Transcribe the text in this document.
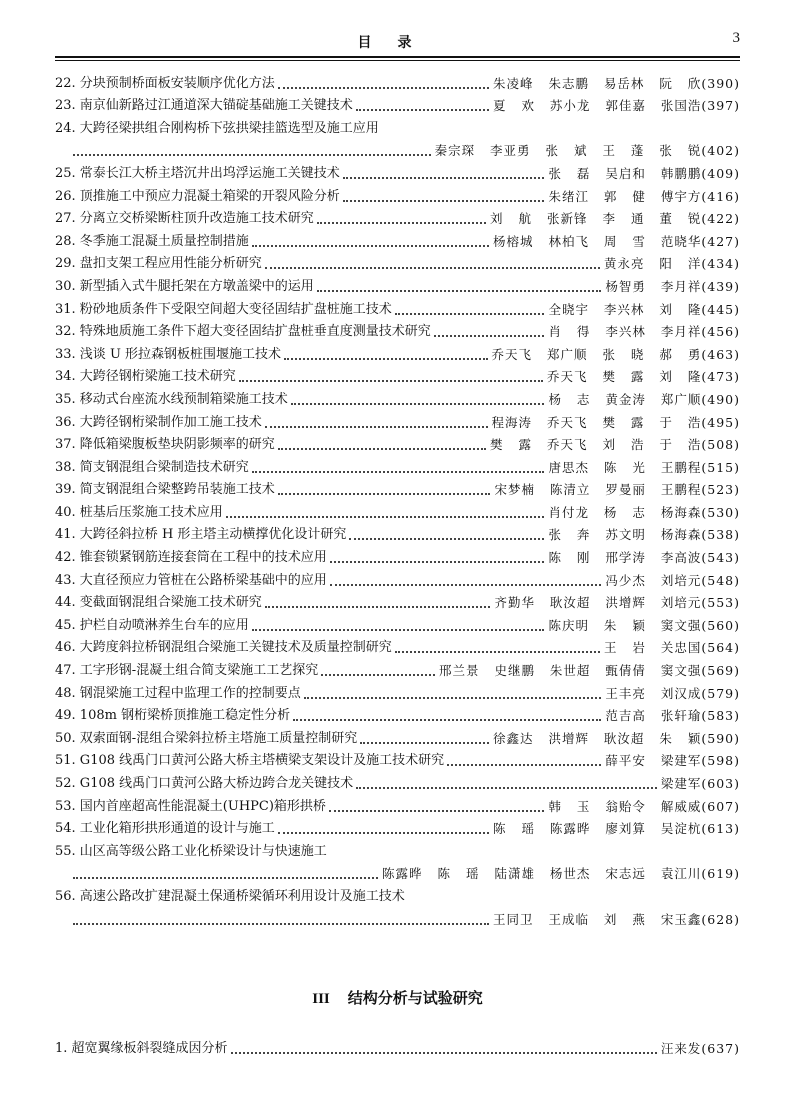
目录	3
22. 分块预制桥面板安装顺序优化方法	朱凌峰 朱志鹏 易岳林 阮 欣(390)
23. 南京仙新路过江通道深大锚碇基础施工关键技术	夏 欢 苏小龙 郭佳嘉 张国浩(397)
24. 大跨径梁拱组合刚构桥下弦拱梁挂篮选型及施工应用
秦宗琛 李亚勇 张 斌 王 蓬 张 锐(402)
25. 常泰长江大桥主塔沉井出坞浮运施工关键技术	张 磊 吴启和 韩鹏鹏(409)
26. 顶推施工中预应力混凝土箱梁的开裂风险分析	朱绪江 郭 健 傅宇方(416)
27. 分离立交桥梁断柱顶升改造施工技术研究	刘 航 张新锋 李 通 董 锐(422)
28. 冬季施工混凝土质量控制措施	杨榕城 林柏飞 周 雪 范晓华(427)
29. 盘扣支架工程应用性能分析研究	黄永亮 阳 洋(434)
30. 新型插入式牛腿托架在方墩盖梁中的运用	杨智勇 李月祥(439)
31. 粉砂地质条件下受限空间超大变径固结扩盘桩施工技术	全晓宇 李兴林 刘 隆(445)
32. 特殊地质施工条件下超大变径固结扩盘桩垂直度测量技术研究	肖 得 李兴林 李月祥(456)
33. 浅谈 U 形拉森钢板桩围堰施工技术	乔天飞 郑广顺 张 晓 郝 勇(463)
34. 大跨径钢桁梁施工技术研究	乔天飞 樊 露 刘 隆(473)
35. 移动式台座流水线预制箱梁施工技术	杨 志 黄金涛 郑广顺(490)
36. 大跨径钢桁梁制作加工施工技术	程海涛 乔天飞 樊 露 于 浩(495)
37. 降低箱梁腹板垫块阴影频率的研究	樊 露 乔天飞 刘 浩 于 浩(508)
38. 简支钢混组合梁制造技术研究	唐思杰 陈 光 王鹏程(515)
39. 简支钢混组合梁整跨吊装施工技术	宋梦楠 陈清立 罗曼丽 王鹏程(523)
40. 桩基后压浆施工技术应用	肖付龙 杨 志 杨海森(530)
41. 大跨径斜拉桥 H 形主塔主动横撑优化设计研究	张 奔 苏文明 杨海森(538)
42. 锥套锁紧钢筋连接套筒在工程中的技术应用	陈 刚 邢学涛 李高波(543)
43. 大直径预应力管桩在公路桥梁基础中的应用	冯少杰 刘培元(548)
44. 变截面钢混组合梁施工技术研究	齐勤华 耿汝超 洪增辉 刘培元(553)
45. 护栏自动喷淋养生台车的应用	陈庆明 朱 颖 窦文强(560)
46. 大跨度斜拉桥钢混组合梁施工关键技术及质量控制研究	王 岩 关忠国(564)
47. 工字形钢-混凝土组合简支梁施工工艺探究	邢兰景 史继鹏 朱世超 甄倩倩 窦文强(569)
48. 钢混梁施工过程中监理工作的控制要点	王丰亮 刘汉成(579)
49. 108m 钢桁梁桥顶推施工稳定性分析	范吉高 张轩瑜(583)
50. 双索面钢-混组合梁斜拉桥主塔施工质量控制研究	徐鑫达 洪增辉 耿汝超 朱 颖(590)
51. G108 线禹门口黄河公路大桥主塔横梁支架设计及施工技术研究	薛平安 梁建军(598)
52. G108 线禹门口黄河公路大桥边跨合龙关键技术	梁建军(603)
53. 国内首座超高性能混凝土(UHPC)箱形拱桥	韩 玉 翁贻令 解威威(607)
54. 工业化箱形拱形通道的设计与施工	陈 瑶 陈露晔 廖刘算 吴淀杭(613)
55. 山区高等级公路工业化桥梁设计与快速施工
陈露晔 陈 瑶 陆潇雄 杨世杰 宋志远 袁江川(619)
56. 高速公路改扩建混凝土保通桥梁循环利用设计及施工技术
王同卫 王成临 刘 燕 宋玉鑫(628)
III 结构分析与试验研究
1. 超宽翼缘板斜裂缝成因分析	汪来发(637)
